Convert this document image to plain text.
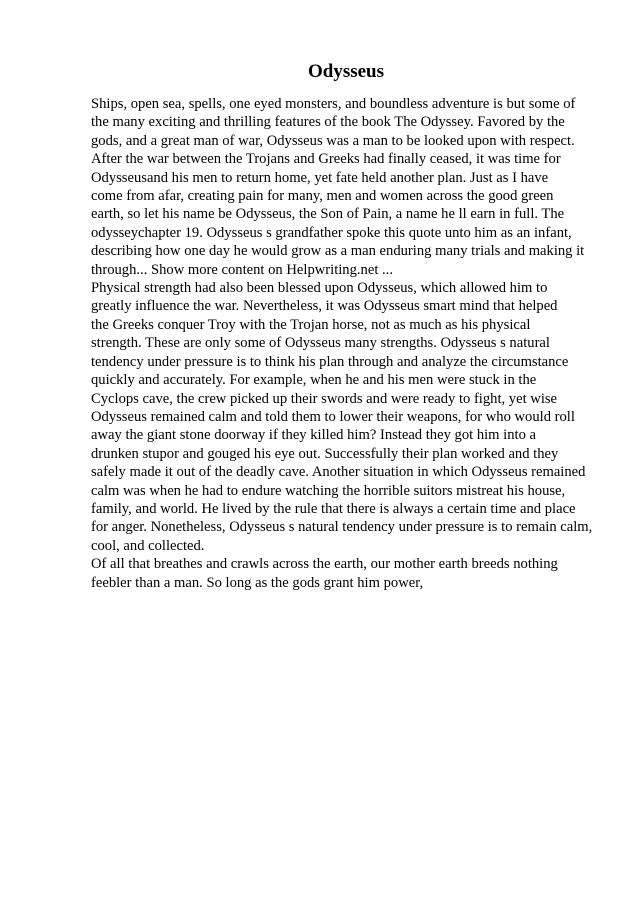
Odysseus

Ships, open sea, spells, one eyed monsters, and boundless adventure is but some of
the many exciting and thrilling features of the book The Odyssey. Favored by the
gods, and a great man of war, Odysseus was a man to be looked upon with respect.
After the war between the Trojans and Greeks had finally ceased, it was time for
Odysseusand his men to return home, yet fate held another plan. Just as I have
come from afar, creating pain for many, men and women across the good green
earth, so let his name be Odysseus, the Son of Pain, a name he ll earn in full. The
odysseychapter 19. Odysseus s grandfather spoke this quote unto him as an infant,
describing how one day he would grow as a man enduring many trials and making it
through... Show more content on Helpwriting.net ...

Physical strength had also been blessed upon Odysseus, which allowed him to
greatly influence the war. Nevertheless, it was Odysseus smart mind that helped
the Greeks conquer Troy with the Trojan horse, not as much as his physical
strength. These are only some of Odysseus many strengths. Odysseus s natural
tendency under pressure is to think his plan through and analyze the circumstance
quickly and accurately. For example, when he and his men were stuck in the
Cyclops cave, the crew picked up their swords and were ready to fight, yet wise
Odysseus remained calm and told them to lower their weapons, for who would roll
away the giant stone doorway if they killed him? Instead they got him into a
drunken stupor and gouged his eye out. Successfully their plan worked and they
safely made it out of the deadly cave. Another situation in which Odysseus remained
calm was when he had to endure watching the horrible suitors mistreat his house,
family, and world. He lived by the rule that there is always a certain time and place
for anger. Nonetheless, Odysseus s natural tendency under pressure is to remain calm,
cool, and collected.

Of all that breathes and crawls across the earth, our mother earth breeds nothing
feebler than a man. So long as the gods grant him power,
